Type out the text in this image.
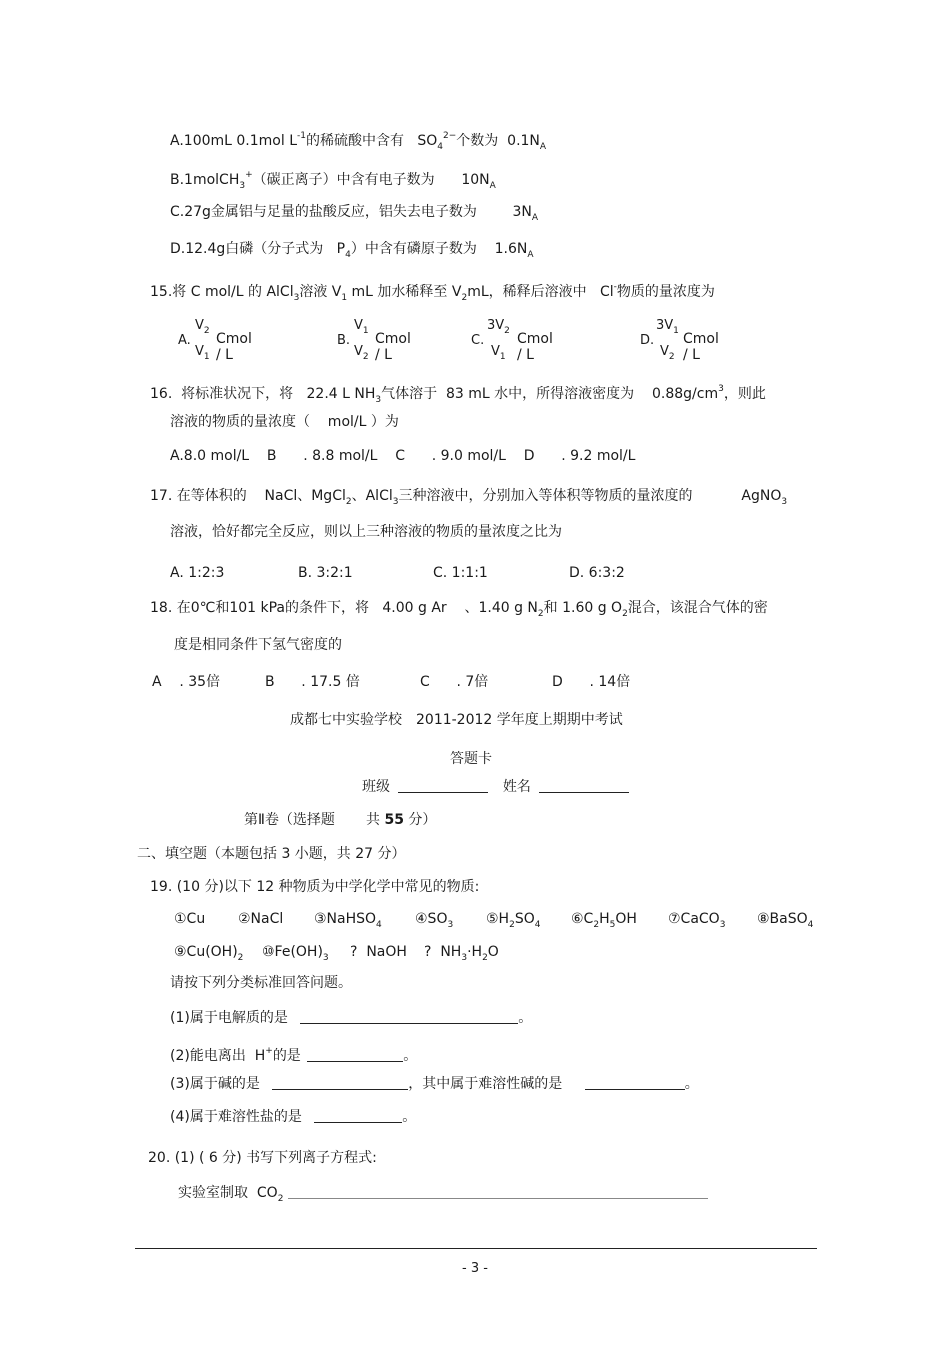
A.100mL 0.1mol $L^{-1}$的稀硫酸中含有   $SO_4^{2-}$个数为  $0.1N_A$
B.1molCH$_3$+（碳正离子）中含有电子数为      $10N_A$
C.27g金属铝与足量的盐酸反应，铝失去电子数为        $3N_A$
D.12.4g白磷（分子式为   $P_4$）中含有磷原子数为    $1.6N_A$
15.将 C mol/L 的 AlCl$_3$溶液 $V_1$ mL 加水稀释至 $V_2mL$，稀释后溶液中   Cl-物质的量浓度为
A.
$V_2$
$V_1$
Cmol / L
B.
$V_1$
$V_2$
Cmol / L
C.
$3V_2$
$V_1$
Cmol / L
D.
$3V_1$
$V_2$
Cmol / L
16.  将标准状况下，将   22.4 L $NH_3$气体溶于  83 mL 水中，所得溶液密度为    $0.88g/cm^3$，则此
溶液的物质的量浓度（    mol/L ）为
A.8.0 mol/L    B      . 8.8 mol/L    C      . 9.0 mol/L    D      . 9.2 mol/L
17. 在等体积的    NaCl、MgCl$_2$、AlCl$_3$三种溶液中，分别加入等体积等物质的量浓度的           AgNO$_3$
溶液，恰好都完全反应，则以上三种溶液的物质的量浓度之比为
A. 1:2:3	B. 3:2:1	C. 1:1:1	D. 6:3:2
18. 在0℃和101 kPa的条件下，将   4.00 g Ar    、1.40 g $N_2$和 1.60 g $O_2$混合，该混合气体的密
度是相同条件下氢气密度的
A    . 35倍	B      . 17.5 倍	C      . 7倍	D      . 14倍
成都七中实验学校　2011-2012 学年度上期期中考试
答题卡
班级	姓名
第Ⅱ卷（选择题       共 55 分）
二、填空题（本题包括 3 小题，共 27 分）
19. (10 分)以下 12 种物质为中学化学中常见的物质:
①Cu ②NaCl ③NaHSO$_4$ $④SO_3$ $⑤H_2SO_4$ $⑥C_2H_5OH$ ⑦CaCO$_3$ ⑧BaSO$_4$
$⑨Cu(OH)_2$ $⑩Fe(OH)_3$ ?  NaOH ?  $NH_3\cdot H_2O$
请按下列分类标准回答问题。
(1)属于电解质的是	。
(2)能电离出  H+的是	。
(3)属于碱的是	，其中属于难溶性碱的是	。
(4)属于难溶性盐的是	。
20. (1) ( 6 分) 书写下列离子方程式:
实验室制取  $CO_2$
- 3 -
